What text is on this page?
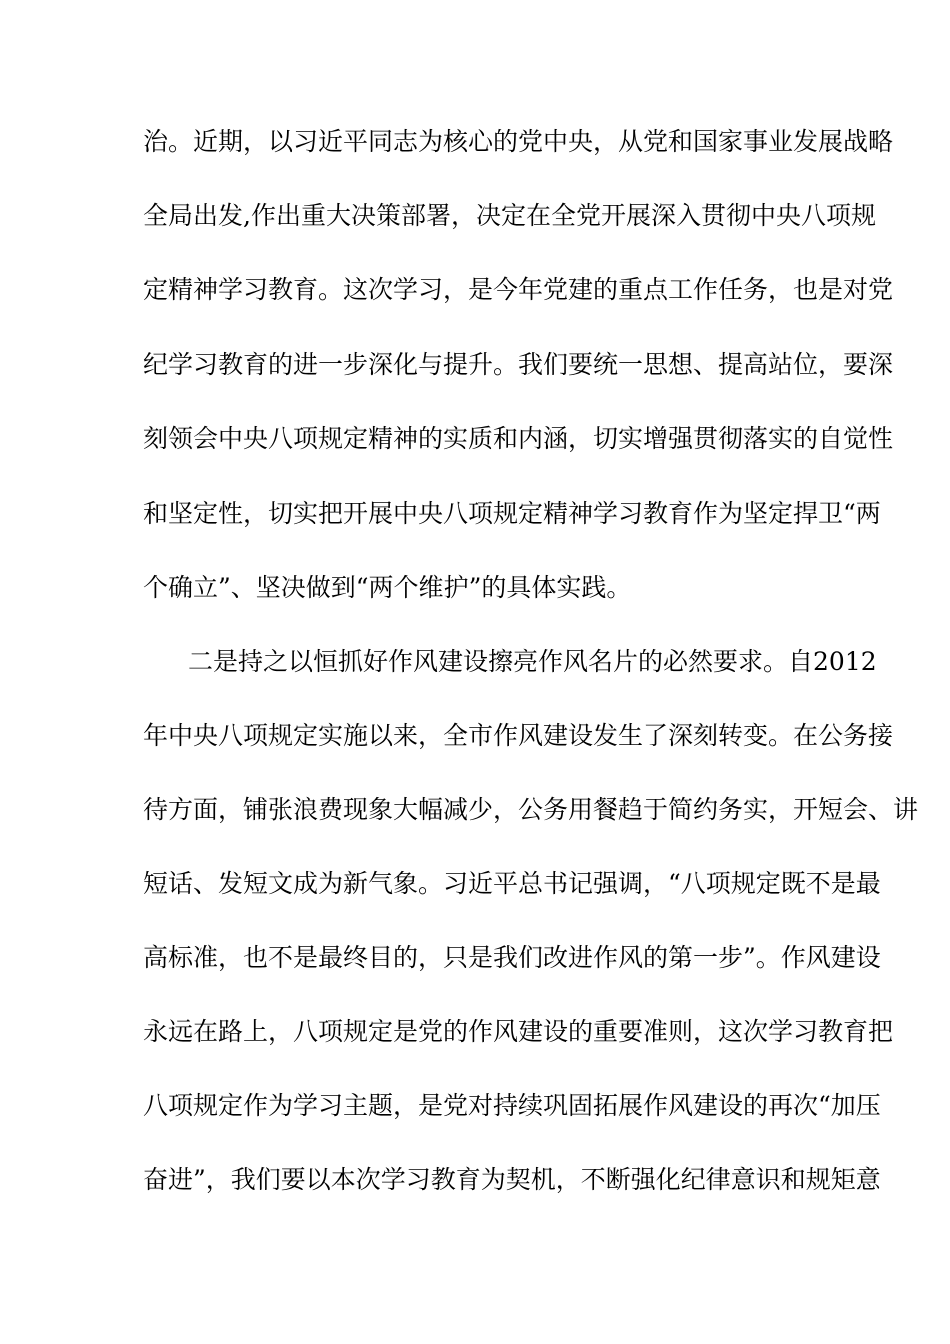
治。近期，以习近平同志为核心的党中央，从党和国家事业发展战略
全局出发,作出重大决策部署，决定在全党开展深入贯彻中央八项规
定精神学习教育。这次学习，是今年党建的重点工作任务，也是对党
纪学习教育的进一步深化与提升。我们要统一思想、提高站位，要深
刻领会中央八项规定精神的实质和内涵，切实增强贯彻落实的自觉性
和坚定性，切实把开展中央八项规定精神学习教育作为坚定捍卫“两
个确立”、坚决做到“两个维护”的具体实践。
二是持之以恒抓好作风建设擦亮作风名片的必然要求。自2012
年中央八项规定实施以来，全市作风建设发生了深刻转变。在公务接
待方面，铺张浪费现象大幅减少，公务用餐趋于简约务实，开短会、讲
短话、发短文成为新气象。习近平总书记强调，“八项规定既不是最
高标准，也不是最终目的，只是我们改进作风的第一步”。作风建设
永远在路上，八项规定是党的作风建设的重要准则，这次学习教育把
八项规定作为学习主题，是党对持续巩固拓展作风建设的再次“加压
奋进”，我们要以本次学习教育为契机，不断强化纪律意识和规矩意
